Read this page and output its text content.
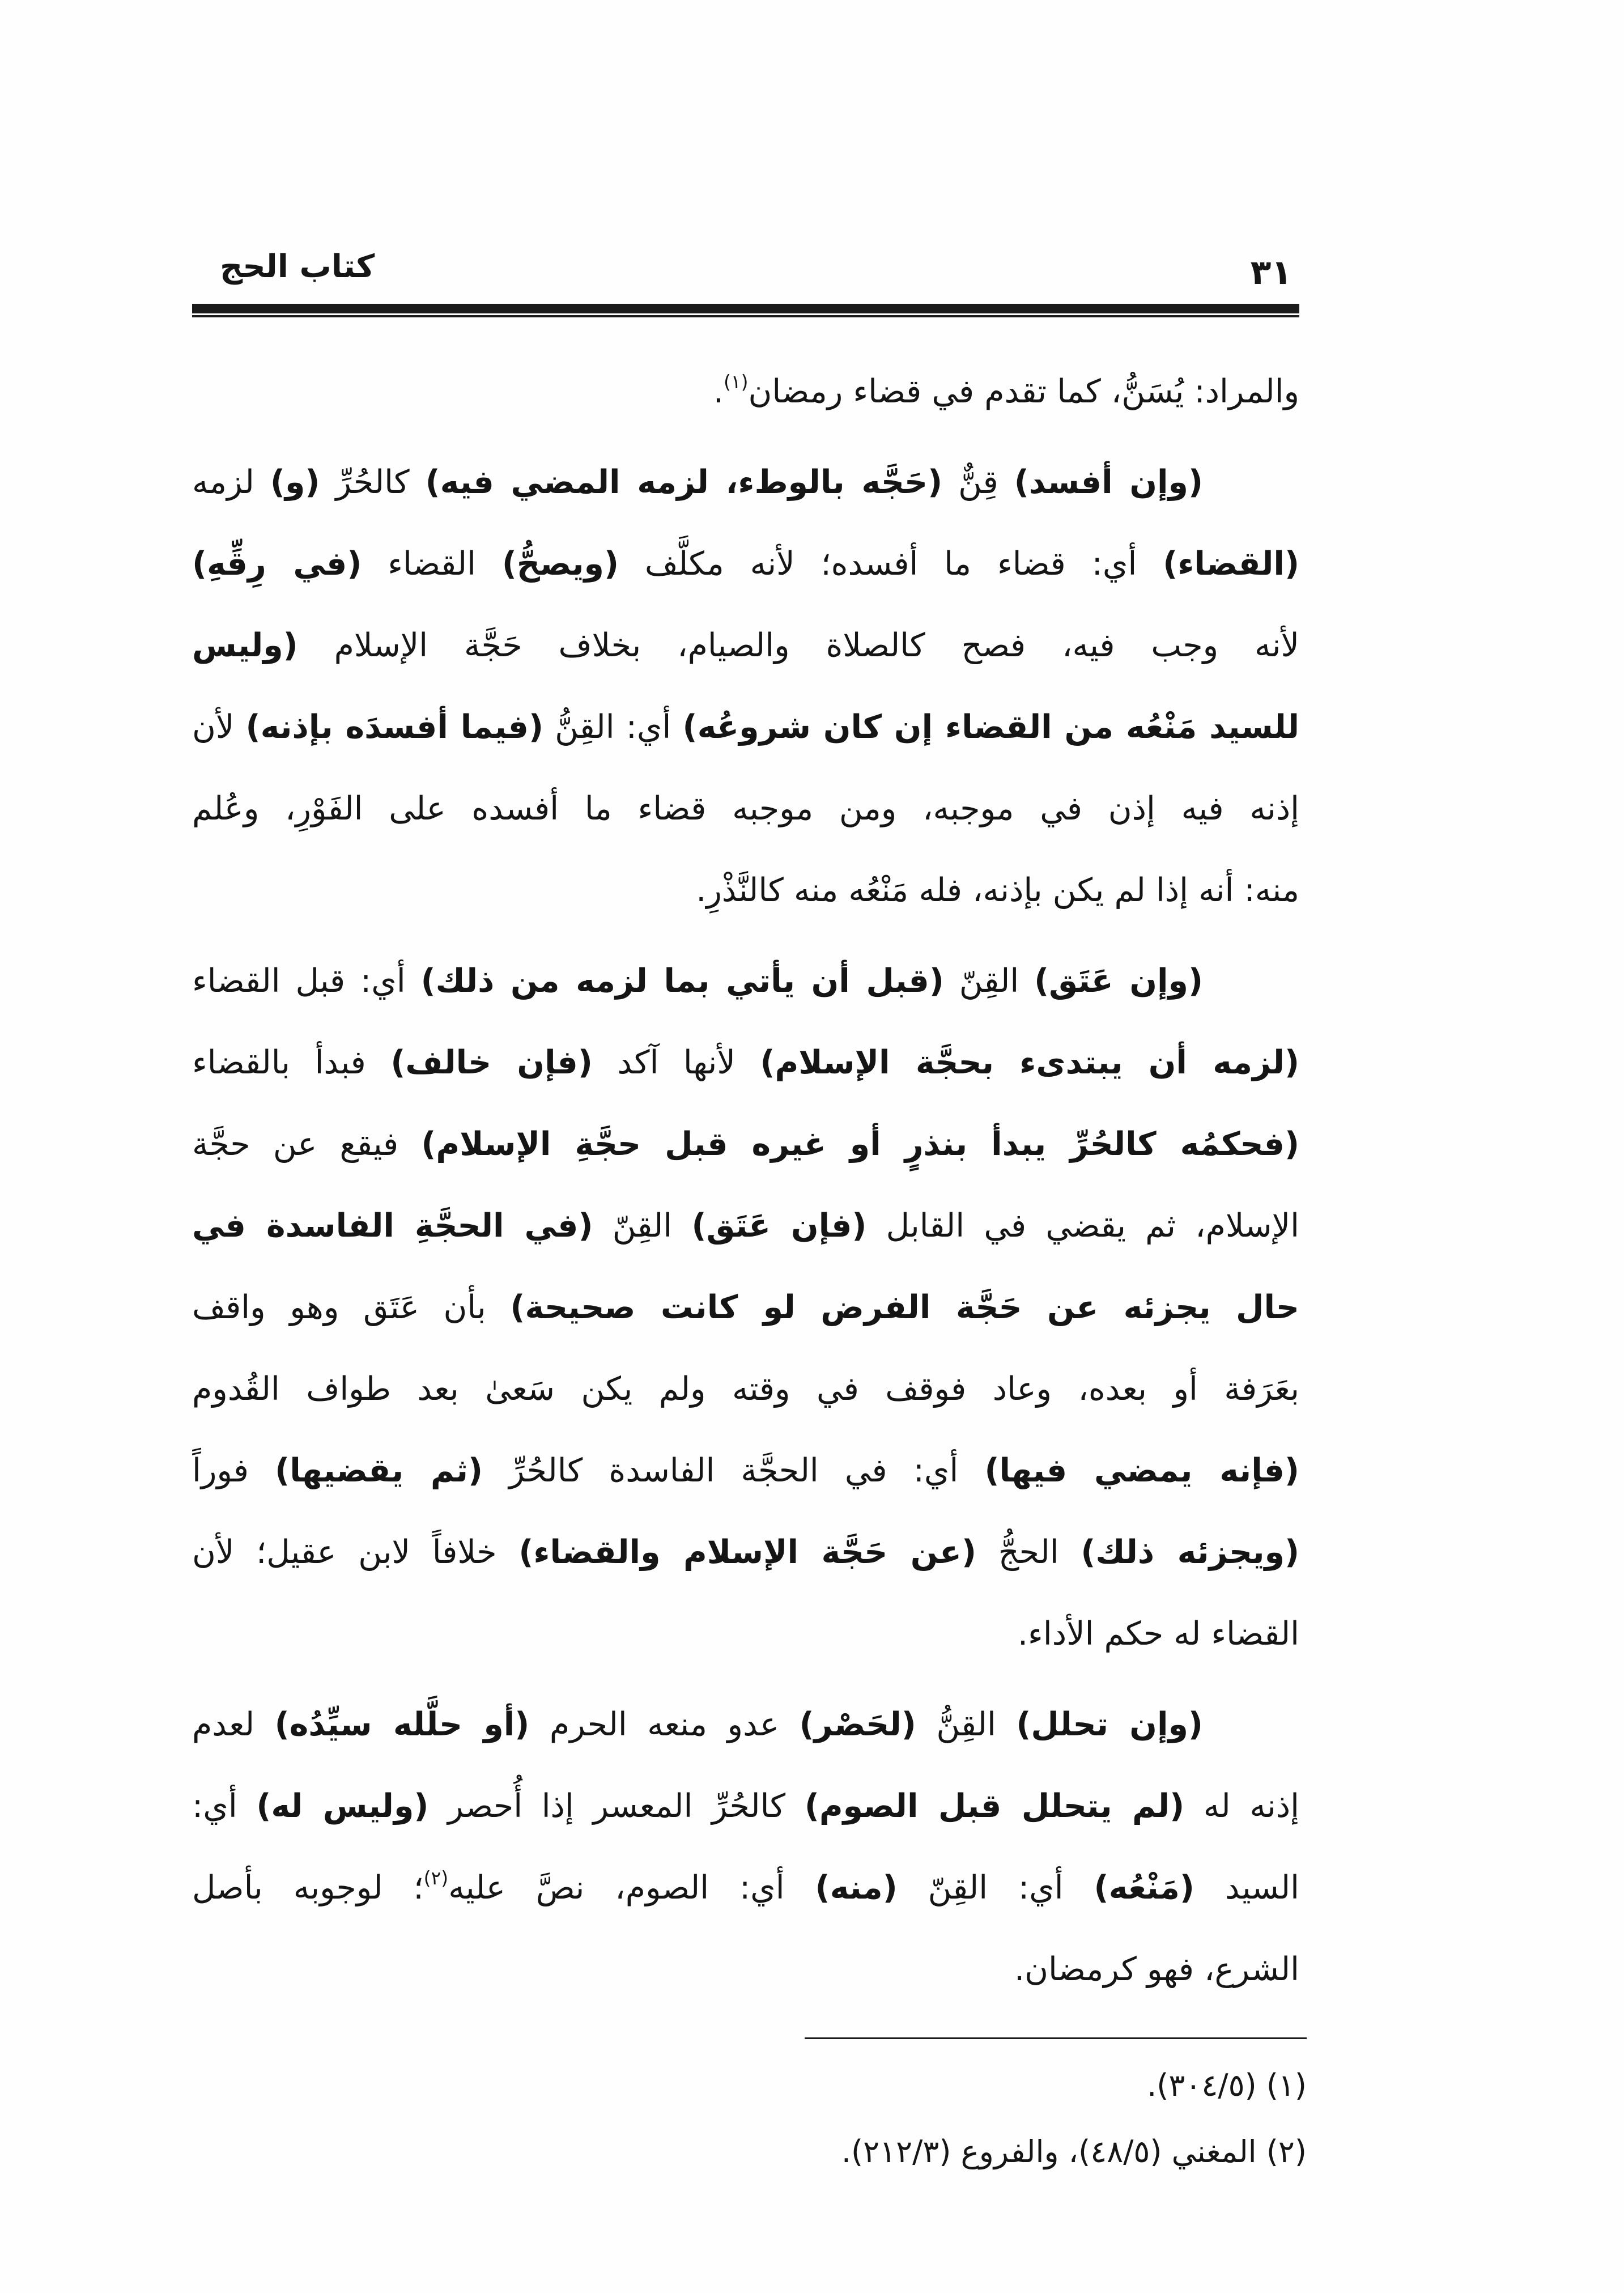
كتاب الحج	٣١
والمراد: يُسَنُّ، كما تقدم في قضاء رمضان$^{(١)}$.
(وإن أفسد) قِنٌّ (حَجَّه بالوطء، لزمه المضي فيه) كالحُرِّ (و) لزمه
(القضاء) أي: قضاء ما أفسده؛ لأنه مكلَّف (ويصحُّ) القضاء (في رِقِّهِ)
لأنه وجب فيه، فصح كالصلاة والصيام، بخلاف حَجَّة الإسلام (وليس
للسيد مَنْعُه من القضاء إن كان شروعُه) أي: القِنُّ (فيما أفسدَه بإذنه) لأن
إذنه فيه إذن في موجبه، ومن موجبه قضاء ما أفسده على الفَوْرِ، وعُلم
منه: أنه إذا لم يكن بإذنه، فله مَنْعُه منه كالنَّذْرِ.
(وإن عَتَق) القِنّ (قبل أن يأتي بما لزمه من ذلك) أي: قبل القضاء
(لزمه أن يبتدىء بحجَّة الإسلام) لأنها آكد (فإن خالف) فبدأ بالقضاء
(فحكمُه كالحُرِّ يبدأ بنذرٍ أو غيره قبل حجَّةِ الإسلام) فيقع عن حجَّة
الإسلام، ثم يقضي في القابل (فإن عَتَق) القِنّ (في الحجَّةِ الفاسدة في
حال يجزئه عن حَجَّة الفرض لو كانت صحيحة) بأن عَتَق وهو واقف
بعَرَفة أو بعده، وعاد فوقف في وقته ولم يكن سَعىٰ بعد طواف القُدوم
(فإنه يمضي فيها) أي: في الحجَّة الفاسدة كالحُرِّ (ثم يقضيها) فوراً
(ويجزئه ذلك) الحجُّ (عن حَجَّة الإسلام والقضاء) خلافاً لابن عقيل؛ لأن
القضاء له حكم الأداء.
(وإن تحلل) القِنُّ (لحَصْر) عدو منعه الحرم (أو حلَّله سيِّدُه) لعدم
إذنه له (لم يتحلل قبل الصوم) كالحُرِّ المعسر إذا أُحصر (وليس له) أي:
السيد (مَنْعُه) أي: القِنّ (منه) أي: الصوم، نصَّ عليه$^{(٢)}$؛ لوجوبه بأصل
الشرع، فهو كرمضان.
(١) (٣٠٤/٥).
(٢) المغني (٤٨/٥)، والفروع (٢١٢/٣).
